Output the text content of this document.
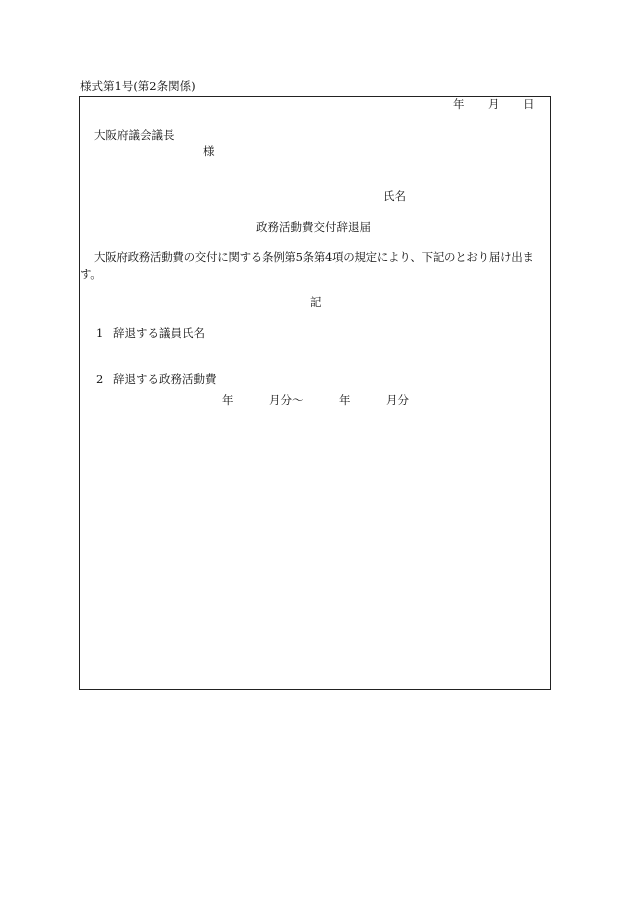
様式第1号(第2条関係)
年 月 日
大阪府議会議長
様
氏名
政務活動費交付辞退届
大阪府政務活動費の交付に関する条例第5条第4項の規定により、下記のとおり届け出ます。
記
1 辞退する議員氏名
2 辞退する政務活動費
年	月分〜	年	月分
